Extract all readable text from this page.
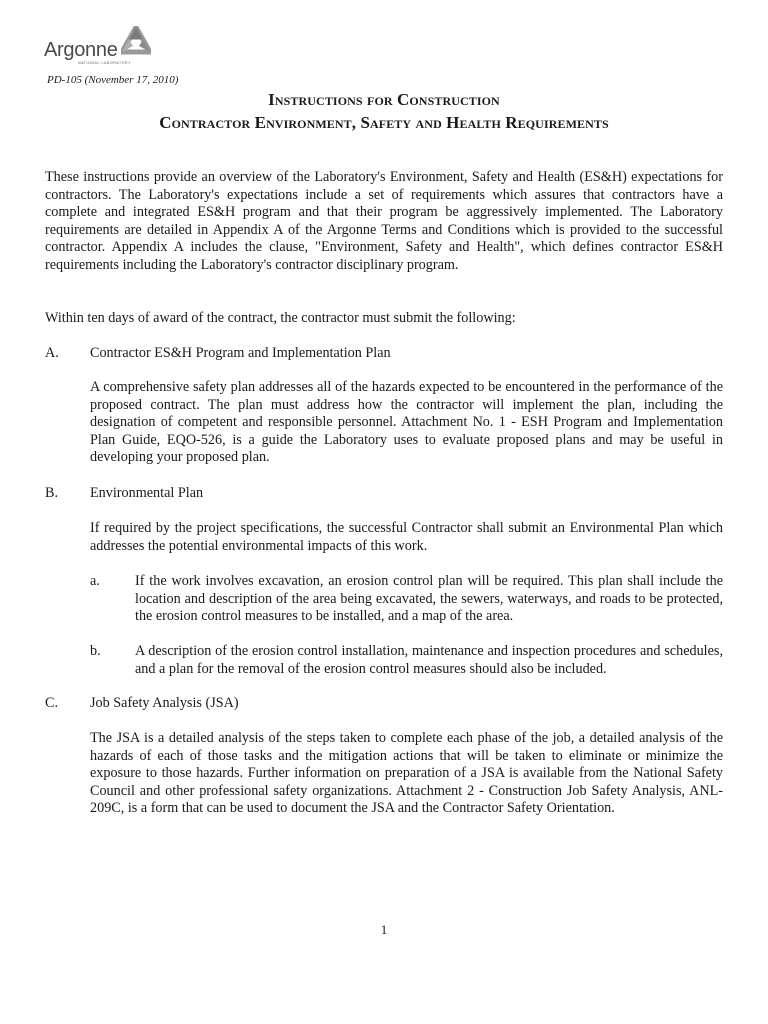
Argonne
NATIONAL LABORATORY
PD-105 (November 17, 2010)
Instructions for Construction
Contractor Environment, Safety and Health Requirements
These instructions provide an overview of the Laboratory's Environment, Safety and Health (ES&H) expectations for contractors. The Laboratory's expectations include a set of requirements which assures that contractors have a complete and integrated ES&H program and that their program be aggressively implemented. The Laboratory requirements are detailed in Appendix A of the Argonne Terms and Conditions which is provided to the successful contractor. Appendix A includes the clause, "Environment, Safety and Health", which defines contractor ES&H requirements including the Laboratory's contractor disciplinary program.
Within ten days of award of the contract, the contractor must submit the following:
A. Contractor ES&H Program and Implementation Plan
A comprehensive safety plan addresses all of the hazards expected to be encountered in the performance of the proposed contract. The plan must address how the contractor will implement the plan, including the designation of competent and responsible personnel. Attachment No. 1 - ESH Program and Implementation Plan Guide, EQO-526, is a guide the Laboratory uses to evaluate proposed plans and may be useful in developing your proposed plan.
B. Environmental Plan
If required by the project specifications, the successful Contractor shall submit an Environmental Plan which addresses the potential environmental impacts of this work.
a. If the work involves excavation, an erosion control plan will be required. This plan shall include the location and description of the area being excavated, the sewers, waterways, and roads to be protected, the erosion control measures to be installed, and a map of the area.
b. A description of the erosion control installation, maintenance and inspection procedures and schedules, and a plan for the removal of the erosion control measures should also be included.
C. Job Safety Analysis (JSA)
The JSA is a detailed analysis of the steps taken to complete each phase of the job, a detailed analysis of the hazards of each of those tasks and the mitigation actions that will be taken to eliminate or minimize the exposure to those hazards. Further information on preparation of a JSA is available from the National Safety Council and other professional safety organizations. Attachment 2 - Construction Job Safety Analysis, ANL-209C, is a form that can be used to document the JSA and the Contractor Safety Orientation.
1
